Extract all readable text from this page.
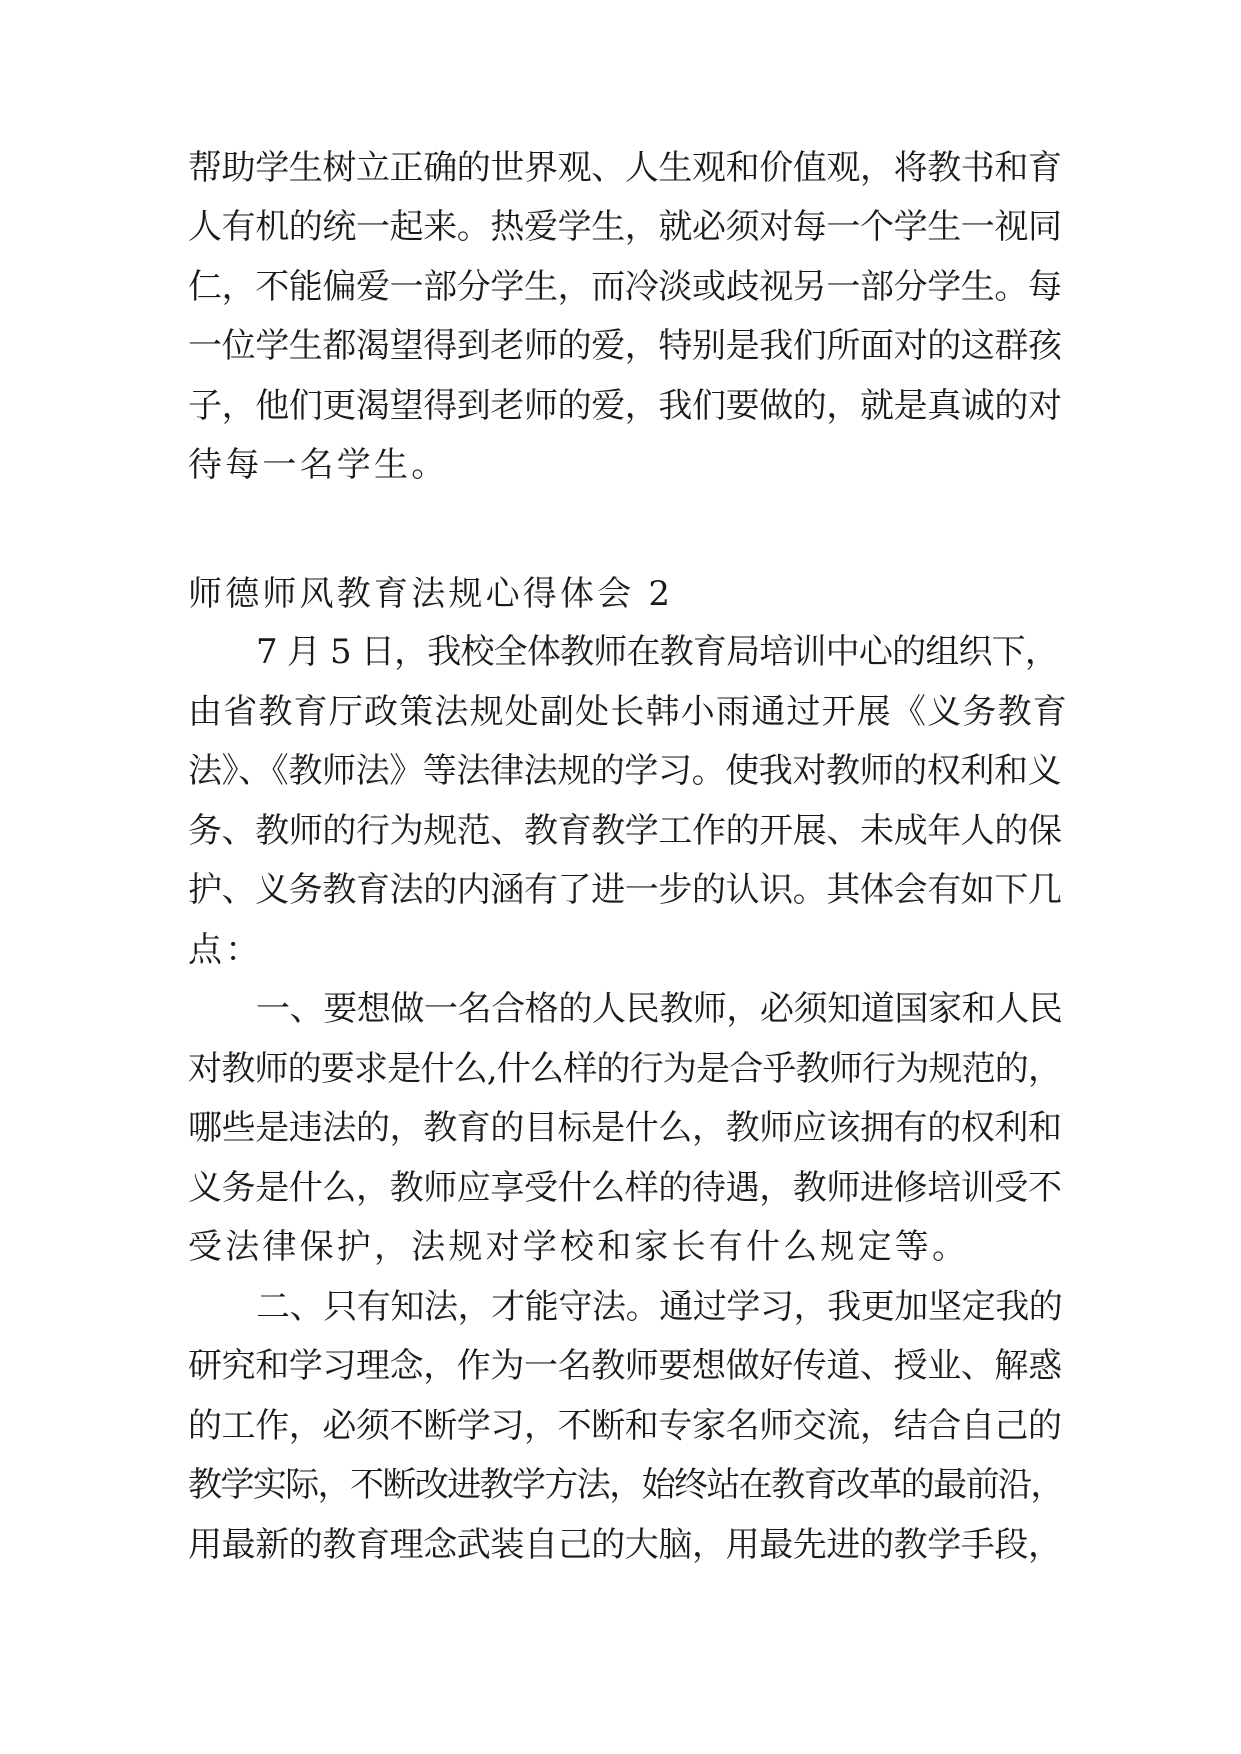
帮助学生树立正确的世界观、人生观和价值观，将教书和育
人有机的统一起来。热爱学生，就必须对每一个学生一视同
仁，不能偏爱一部分学生，而冷淡或歧视另一部分学生。每
一位学生都渴望得到老师的爱，特别是我们所面对的这群孩
子，他们更渴望得到老师的爱，我们要做的，就是真诚的对
待每一名学生。
师德师风教育法规心得体会 2
7 月 5 日，我校全体教师在教育局培训中心的组织下，
由省教育厅政策法规处副处长韩小雨通过开展《义务教育
法》、《教师法》等法律法规的学习。使我对教师的权利和义
务、教师的行为规范、教育教学工作的开展、未成年人的保
护、义务教育法的内涵有了进一步的认识。其体会有如下几
点：
一、要想做一名合格的人民教师，必须知道国家和人民
对教师的要求是什么,什么样的行为是合乎教师行为规范的，
哪些是违法的，教育的目标是什么，教师应该拥有的权利和
义务是什么，教师应享受什么样的待遇，教师进修培训受不
受法律保护，法规对学校和家长有什么规定等。
二、只有知法，才能守法。通过学习，我更加坚定我的
研究和学习理念，作为一名教师要想做好传道、授业、解惑
的工作，必须不断学习，不断和专家名师交流，结合自己的
教学实际，不断改进教学方法，始终站在教育改革的最前沿，
用最新的教育理念武装自己的大脑，用最先进的教学手段，
